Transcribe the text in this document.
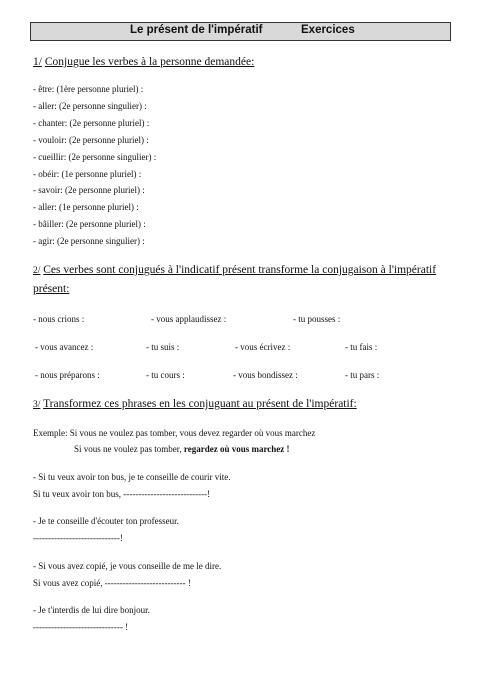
Le présent de l'impératif	Exercices
1/ Conjugue les verbes à la personne demandée:
- être: (1ère personne pluriel) :
- aller: (2e personne singulier) :
- chanter: (2e personne pluriel) :
- vouloir: (2e personne pluriel) :
- cueillir: (2e personne singulier) :
- obéir: (1e personne pluriel) :
- savoir: (2e personne pluriel) :
- aller: (1e personne pluriel) :
- bâiller: (2e personne pluriel) :
- agir: (2e personne singulier) :
2/ Ces verbes sont conjugués à l'indicatif présent transforme la conjugaison à l'impératif
présent:
- nous crions :	- vous applaudissez :	- tu pousses :
- vous avancez :	- tu suis :	- vous écrivez :	- tu fais :
- nous préparons :	- tu cours :	- vous bondissez :	- tu pars :
3/ Transformez ces phrases en les conjuguant au présent de l'impératif:
Exemple: Si vous ne voulez pas tomber, vous devez regarder où vous marchez
Si vous ne voulez pas tomber, regardez où vous marchez !
- Si tu veux avoir ton bus, je te conseille de courir vite.
Si tu veux avoir ton bus, ----------------------------!
- Je te conseille d'écouter ton professeur.
-----------------------------!
- Si vous avez copié, je vous conseille de me le dire.
Si vous avez copié, --------------------------- !
- Je t'interdis de lui dire bonjour.
------------------------------ !
